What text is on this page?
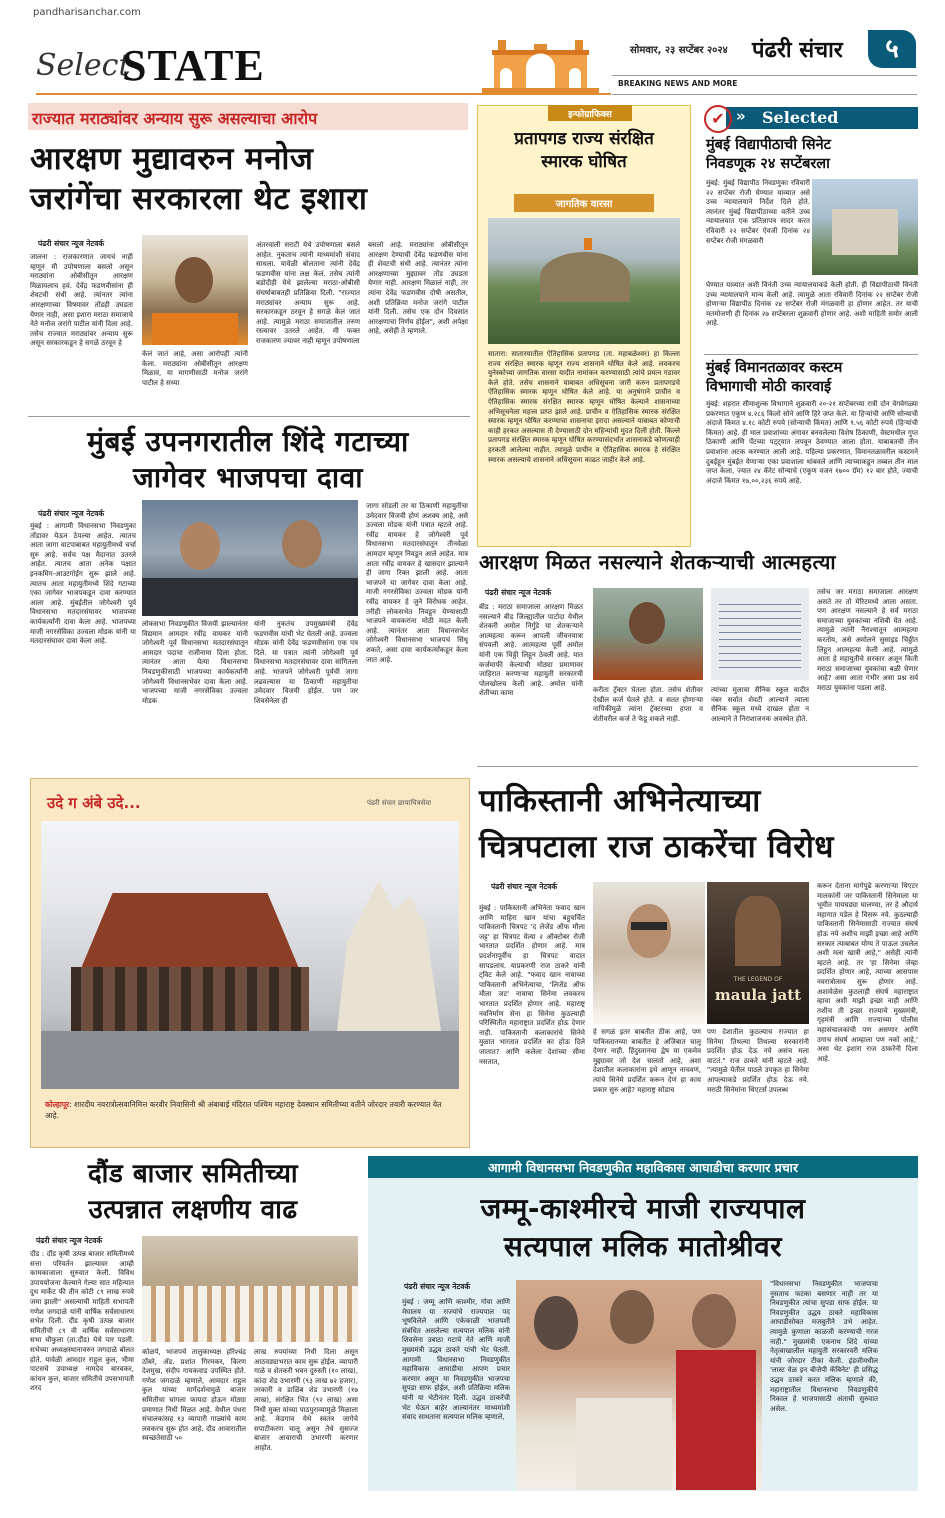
pandharisanchar.com
Select
STATE	सोमवार, २३ सप्टेंबर २०२४ पंढरी संचार	५
BREAKING NEWS AND MORE
राज्यात मराठ्यांवर अन्याय सुरू असल्याचा आरोप
आरक्षण मुद्यावरुन मनोज
जरांगेंचा सरकारला थेट इशारा
पंढरी संचार न्यूज नेटवर्क
जालना : राजकारणात जायचं नाही म्हणून मी उपोषणाला बसलो असून मराठ्यांना ओबीसीतून आरक्षण मिळायलाच हवं. देवेंद्र फडणवीसांना ही शेवटची संधी आहे. त्यांनतर त्यांना आरक्षणाच्या विषयावर तोंडही उघडता येणार नाही, असा इशारा मराठा समाजाचे नेते मनोज जरांगे पाटील यांनी दिला आहे. तसेच राज्यात मराठ्यांवर अन्याय सुरू असून सरकारकडून हे सगळे ठरवून हे
केलं जातं आहे, असा आरोपही त्यांनी केला. मराठ्यांना ओबीसीतून आरक्षण मिळावं, या मागणीसाठी मनोज जरांगे पाटील हे सध्या
अंतरवाली सराटी येथे उपोषणाला बसले आहेत. नुकताच त्यांनी माध्यमांशी संवाद साधला. यावेळी बोलताना त्यांनी देवेंद्र फडणवीस यांना लक्ष केलं. तसेच त्यांनी बडोदीही येथे झालेल्या मराठा-ओबीसी संघर्षाबाबतही प्रतिक्रिया दिली. "राज्यात मराठ्यांवर अन्याय सुरू आहे. सरकारकडून ठरवून हे सगळे केलं जातं आहे. त्यामुळे मराठा समाजातील तरुण रस्त्यावर उतरले आहेत. मी फक्त राजकारण ज्यावर नाही म्हणून उपोषणाला
बसलो आहे. मराठ्यांना ओबीसीतून आरक्षण देण्याची देवेंद्र फडणवीस यांना ही शेवटची संधी आहे. त्यानंतर त्यांना आरक्षणाच्या मुद्द्यावर तोंड उघडता येणार नाही. आरक्षण मिळालं नाही, तर त्यांना देवेंद्र फडणवीस दोषी असतील, अशी प्रतिक्रिया मनोज जरांगे पाटील यांनी दिली. तसेच एक दोन दिवसांत आरक्षणाचा निर्णय होईल", अशी अपेक्षा आहे, असेही ते म्हणाले.
मुंबई उपनगरातील शिंदे गटाच्या
जागेवर भाजपचा दावा
पंढरी संचार न्यूज नेटवर्क
मुंबई : आगामी विधानसभा निवडणुका तोंडावर येऊन ठेपल्या आहेत. त्यातच आता जागा वाटपाबाबत महायुतीमध्ये चर्चा सुरु आहे. सर्वच पक्ष मैदानात उतरले आहेत. त्यातच आता अनेक पक्षात इनकमिंग-आउटगोईंग सुरू झाले आहे. त्यातच आता महायुतीमध्ये शिंदे गटाच्या एका जागेवर भाजपकडून दावा करण्यात आला आहे. मुंबईतील जोगेश्वरी पूर्व विधानसभा मतदारसंघावर भाजपच्या कार्यकर्त्यांनी दावा केला आहे. भाजपच्या माजी नगरसेविका उज्वला मोडक यांनी या मतदारसंघावर दावा केला आहे.
लोकसभा निवडणुकीत विजयी झाल्यानंतर विद्यमान आमदार रवींद्र वायकर यांनी जोगेश्वरी पूर्व विधानसभा मतदारसंघातून आमदार पदाचा राजीनामा दिला होता. त्यानंतर आता येत्या विधानसभा निवडणुकीसाठी भाजपच्या कार्यकर्त्यांनी जोगेश्वरी विधानसभेवर दावा केला आहे. भाजपच्या माजी नगरसेविका उज्वला मोडक
यांनी नुकतंच उपमुख्यमंत्री देवेंद्र फडणवीस यांची भेट घेतली आहे. उज्वला मोडक यांनी देवेंद्र फडणवीसांना एक पत्र दिले. या पत्रात त्यांनी जोगेश्वरी पूर्व विधानसभा मतदारसंघावर दावा सांगितला आहे. भाजपने जोगेश्वरी पूर्वची जागा लढवल्यास या ठिकाणी महायुतीचा उमेदवार विजयी होईल. पण जर शिवसेनेला ही
जागा सोडली तर या ठिकाणी महायुतीचा उमेदवार विजयी होणं अशक्य आहे, असे उज्वला मोडक यांनी पत्रात म्हटले आहे. रवींद्र वायकर हे जोगेश्वरी पूर्व विधानसभा मतदारसंघातून तीनवेळा आमदार म्हणून निवडून आले आहेत. मात्र आता रवींद्र वायकर हे खासदार झाल्याने ही जागा रिक्त झाली आहे. आता भाजपने या जागेवर दावा केला आहे. माजी नगरसेविका उज्वला मोडक यांनी रवींद्र वायकर हे जुने विरोधक आहेत. तरीही लोकसभेत निवडून येण्यासाठी भाजपने वायकरांना मोठी मदत केली आहे. त्यानंतर आता विधानसभेत जोगेश्वरी विधानसभा भाजपचं सिंधू शकते, असा दावा कार्यकर्त्यांकडून केला जात आहे.
इन्फोग्राफिक्स
प्रतापगड राज्य संरक्षित
स्मारक घोषित
जागतिक वारसा
सातारा: सातारयातील ऐतिहासिक प्रतापगड (ता. महाबळेश्वर) हा किल्ला राज्य संरक्षित स्मारक म्हणून राज्य शासनाने घोषित केले आहे. लवकरच युनेस्कोच्या जागतिक वारसा यादीत नामांकन करण्यासाठी त्यांचे प्रयत्न गडावर केले होते. तसेच शासनाने याबाबत अधिसूचना जारी करुन प्रतापगडचे ऐतिहासिक स्मारक म्हणून घोषित केले आहे. या अनुषंगाने प्राचीन व ऐतिहासिक स्मारक संरक्षित स्मारक म्हणून घोषित केल्याने शासनाच्या अभिसूचनेला महत्त्व प्राप्त झाले आहे. प्राचीन व ऐतिहासिक स्मारक संरक्षित स्मारक म्हणून घोषित करण्याचा शासनाचा इरादा असल्याने याबाबत कोणाची काही हरकत असल्यास ती देण्यासाठी दोन महिन्यांची मुदत दिली होती. किल्ले प्रतापगड संरक्षित स्मारक म्हणून घोषित करण्यासंदर्भात शासनाकडे कोणत्याही हरकती आलेल्या नाहीत. त्यामुळे प्राचीन व ऐतिहासिक स्मारक हे संरक्षित स्मारक असल्याचे शासनाने अधिसूचना काढत जाहीर केले आहे.
✔	Selected
»
मुंबई विद्यापीठाची सिनेट
निवडणूक २४ सप्टेंबरला
मुंबई: मुंबई विद्यापीठ निवडणुका रविवारी २२ सप्टेंबर रोजी घेण्यात याव्यात असे उच्च न्यायालयाने निर्देश दिले होते. त्यानंतर मुंबई विद्यापीठाच्या वतीने उच्च न्यायालयात एक प्रतिज्ञापत्र सादर करत रविवारी २२ सप्टेंबर ऐवजी दिनांक २४ सप्टेंबर रोजी मंगळवारी
घेण्यात याव्यात अशी विनंती उच्च न्यायालयाकडे केली होती. ही विद्यापीठाची विनंती उच्च न्यायालयाने मान्य केली आहे. त्यामुळे आता रविवारी दिनांक २२ सप्टेंबर रोजी होणाऱ्या विद्यापीठ दिनांक २४ सप्टेंबर रोजी मंगळवारी हा होणार आहेत. तर याची मतमोजणी ही दिनांक २७ सप्टेंबरला शुक्रवारी होणार आहे. अशी माहिती समोर आली आहे.
मुंबई विमानतळावर कस्टम
विभागाची मोठी कारवाई
मुंबई: शहरात सीमाशुल्क विभागाने शुक्रवारी २०-२१ सप्टेंबरच्या रात्री दोन वेगवेगळ्या प्रकरणात एकूण ४.२८६ किलो सोने आणि हिरे जप्त केले. या हिऱ्यांची आणि सोन्याची अंदाजे किंमत ४.१८ कोटी रुपये (सोन्याची किंमत) आणि ९.५६ कोटी रुपये (हिऱ्यांची किंमत) आहे. ही माल प्रवाशांच्या अंगावर बनवलेल्या विशेष ठिकाणी, वेस्टमधील गुप्त ठिकाणी आणि पँटच्या पट्ट्यात लपवून ठेवण्यात आला होता. याबाबतची तीन प्रवाशांना अटक करण्यात आली आहे. पहिल्या प्रकरणात, विमानतळावरील कस्टमने दुबईहून मुंबईत येणाऱ्या एका प्रवाशाला थांबवले आणि त्याच्याकडून तब्बल तीन माल जप्त केला, ज्यात २४ कॅरेट सोन्याचे (एकूण वजन १७०० ग्रॅम) १२ बार होते, ज्याची अंदाजे किंमत १७,००,२३६ रुपये आहे.
आरक्षण मिळत नसल्याने शेतकऱ्याची आत्महत्या
पंढरी संचार न्यूज नेटवर्क
बीड : मराठा समाजाला आरक्षण मिळत नसल्याने बीड जिल्ह्यातील पाटोदा येथील शेतकरी अमोल निर्गुंडे या शेतकऱ्याने आत्महत्या करून आपली जीवनयात्रा संपवली आहे. आत्महत्या पूर्वी अमोल यांनी एक चिठ्ठी लिहून ठेवली आहे. यात कर्जमाफी केल्याची मोठ्या प्रमाणावर जाहिरात करणाऱ्या महायुती सरकारची पोलखोलच केली आहे. अमोल यांनी शेतीच्या कामा	करीता ट्रॅक्टर घेतला होता. तसेच शेतीवर देखील कर्ज घेतले होते. व सतत होणाऱ्या नापिकीमुळे त्यांना ट्रॅक्टरच्या हप्ता व शेतीवरील कर्ज ते फेडू शकले नाही.
त्यांच्या मुलाचा सैनिक स्कूल यादीत नंबर सर्वात शेवटी आल्याने त्याला सैनिक स्कूल मध्ये दाखल होता न आल्याने ते निराशाजनक अवस्थेत होते.
तसेच जर मराठा समाजाला आरक्षण असते तर तो मेरिटमध्ये आला असता. पण आरक्षण नसल्याने हे सर्व मराठा समाजाच्या युवकांच्या नशिबी येत आहे. त्यामुळे त्यांनी नैराश्यातून आत्महत्या करतोय, असे अमोलने सुसाइड चिठ्ठीत लिहून आत्महत्या केली आहे. त्यामुळे आता हे महायुतीचे सरकार अजून किती मराठा समाजाच्या युवकांचा बळी घेणार आहे? असा आता गंभीर असा प्रश्न सर्व मराठा युवकांना पडला आहे.
उदे ग अंबे उदे...	पंढरी संचार छायाचित्रसेवा
कोल्हापूर: शारदीय नवरात्रोत्सवानिमित्त करवीर निवासिनी श्री अंबाबाई मंदिरात पश्चिम महाराष्ट्र देवस्थान समितीच्या वतीने जोरदार तयारी करण्यात येत आहे.
पाकिस्तानी अभिनेत्याच्या
चित्रपटाला राज ठाकरेंचा विरोध
पंढरी संचार न्यूज नेटवर्क
मुंबई : पाकिस्तानी अभिनेता फवाद खान आणि माहिरा खान यांचा बहुचर्चित पाकिस्तानी चित्रपट 'द लेजेंड ऑफ मौला जट्ट' हा चित्रपट येत्या २ ऑक्टोबर रोजी भारतात प्रदर्शित होणार आहे. मात्र प्रदर्शनापूर्वीच हा चित्रपट वादात सापडलाय. याप्रकरणी राज ठाकरे यांनी ट्विट केले आहे. "फवाद खान नावाच्या पाकिस्तानी अभिनेत्याचा, 'लिजेंड ऑफ मौला जट' नावाचा सिनेमा लवकरच भारतात प्रदर्शित होणार आहे. महाराष्ट्र नवनिर्माण सेना हा सिनेमा कुठल्याही परिस्थितीत महाराष्ट्रात प्रदर्शित होऊ देणार नाही. पाकिस्तानी कलाकारांचे सिनेमे मुळात भारतात प्रदर्शित का होऊ दिले जातात? आणि कलेला देशांच्या सीमा नसतात,
THE LEGEND OF
maula jatt
हे सगळं इतर बाबतीत ठीक आहे, पण पाकिस्तानच्या बाबतीत हे अजिबात चालू देणार नाही. हिंदुस्तानचा द्वेष या एकमेव मुद्द्यावर जो देश चालतो आहे, अशा देशातील कलाकारांना इथे आणून नाचवणं, त्यांचे सिनेमे प्रदर्शित करून देणं हा काय प्रकार सुरु आहे? महाराष्ट्र सोडाच
पण देशातील कुठल्याच राज्यात हा सिनेमा तिथल्या तिथल्या सरकारांनी प्रदर्शित होऊ देऊ नये असंच मला वाटतं." राज ठाकरे यांनी म्हटले आहे. "त्यामुळे येतील पाठले उपकृत हा सिनेमा आपल्याकडे प्रदर्शित होऊ देऊ नये. मराठी सिनेमांना थिएटर्स उपलब्ध
करून देताना मागेपुढे करणाऱ्या थिएटर मालकांनी जर पाकिस्तानी सिनेमाला या भूमीत पायघड्या घालण्या, तर हे औदार्य महागात पडेल हे विसरू नये. कुठल्याही पाकिस्तानी सिनेमासाठी राज्यात संघर्ष होऊ नये अशीच माझी इच्छा आहे आणि सरकार त्याबाबत योग्य ते पाऊल उचलेल अशी मला खात्री आहे," असेही त्यांनी म्हटले आहे. तर 'हा सिनेमा जेव्हा प्रदर्शित होणार आहे, त्याच्या आसपास नवरात्रोत्सव सुरू होणार आहे. अशावेळेस कुठलाही संघर्ष महाराष्ट्रात व्हावा अशी माझी इच्छा नाही आणि तशीच ती इच्छा राज्याचे मुख्यमंत्री, गृहमंत्री आणि राज्याच्या पोलीस महासंचालकांची पण असणार आणि उगाच संघर्ष आम्हाला पण नको आहे,' असा थेट इशारा राज ठाकरेंनी दिला आहे.
दौंड बाजार समितीच्या
उत्पन्नात लक्षणीय वाढ
पंढरी संचार न्यूज नेटवर्क
दौंड : दौंड कृषी उत्पन्न बाजार समितीमध्ये सत्ता परिवर्तन झाल्यावर आम्ही कामकाजाला सुरुवात केली. विविध उपाययोजना केल्याने गेल्या सात महिन्यात दुध मार्केट फी तीन कोटी ८९ लाख रुपये जमा झाली" असल्याची माहिती सभापती गणेश जगदाळे यांनी वार्षिक सर्वसाधारण सभेत दिली. दौंड कृषी उत्पन्न बाजार समितीची ८९ वी वार्षिक सर्वसाधारण सभा चौफुला (ता.दौंड) येथे पार पडली. सभेच्या अध्यक्षस्थानावरुन जगदाळे बोलत होते. यावेळी आमदार राहुल कुल, भीमा पाटसचे उपाध्यक्ष नामदेव बारवकर, कांचन कुल, बाजार समितीचे उपसभापती शरद
कोळपे, भाजपचे तालुकाध्यक्ष हरिश्चंद्र ठोंबरे, ॲड. प्रशांत गिरमकर, किरण देशमुख, संदीप गायकवाड उपस्थित होते. गणेश जगदाळे म्हणाले, आमदार राहुल कुल यांच्या मार्गदर्शनामुळे बाजार समितीचा चांगला फायदा होऊन मोठ्या प्रमाणात निधी मिळत आहे. येथील पंधरा संचालकांसह १३ व्यापारी गाळ्यांचे काम लवकरच सुरू होत आहे. दौंड आवारातील स्वच्छतेसाठी ५०
लाख रुपयांच्या निधी दिला असून आठवड्याभरात काम सुरू होईल. व्यापारी गाळे व शेतकरी भवन दुरुस्ती (१० लाख), कांदा शेड उभारणी (९३ लाख ७२ हजार), तरकारी व डाळिंब शेड उभारणी (१७ लाख), संरक्षित भिंत (९२ लाख) असा निधी मुक्त यांच्या पाठपुराव्यामुळे मिळाला आहे. केडगाव येथे स्वतंत्र जागेचे सपाटीकरण चालू असून तेथे सुसज्ज बाजार आवाराची उभारणी करणार आहोत.
आगामी विधानसभा निवडणुकीत महाविकास आघाडीचा करणार प्रचार
जम्मू-काश्मीरचे माजी राज्यपाल
सत्यपाल मलिक मातोश्रीवर
पंढरी संचार न्यूज नेटवर्क
मुंबई : जम्मू आणि काश्मीर, गोवा आणि मेघालय या राज्यांचे राज्यपाल पद भूषविलेले आणि एकेकाळी भाजपशी संबंधित असलेल्या सत्यपाल मलिक यांनी शिवसेना उबाठा गटाचे नेते आणि माजी मुख्यमंत्री उद्धव ठाकरे यांची भेट घेतली. आगामी विधानसभा निवडणुकीत महाविकास आघाडीचा आपण प्रचार करणार असून या निवडणुकीत भाजपचा सुपडा साफ होईल, अशी प्रतिक्रिया मलिक यांनी या भेटीनंतर दिली. उद्धव ठाकरेंची भेट घेऊन बाहेर आल्यानंतर माध्यमांशी संवाद साधताना सत्यपाल मलिक म्हणाले,
"विधानसभा निवडणुकीत भाजपाचा नुसताच फटका बसणार नाही तर या निवडणुकीत त्यांचा सुपडा साफ होईल. या निवडणुकीत उद्धव ठाकरे महाविकास आघाडीसोबत मजबुतीने उभे आहेत. त्यामुळे कुणाला काळजी करण्याची गरज नाही." मुख्यमंत्री एकनाथ शिंदे यांच्या नेतृत्वाखालील महायुती सरकारवरी मलिक यांनी जोरदार टीका केली. इंडजीमधील 'लास्ट वेळ इन बीजेपी कॅबिनेट' ही प्रसिद्ध उद्धव ठाकरे करत मलिक म्हणाले की, महाराष्ट्रातील विधानसभा निवडणुकीचे निकाल हे भाजपासाठी अंताची सुरुवात असेल.
